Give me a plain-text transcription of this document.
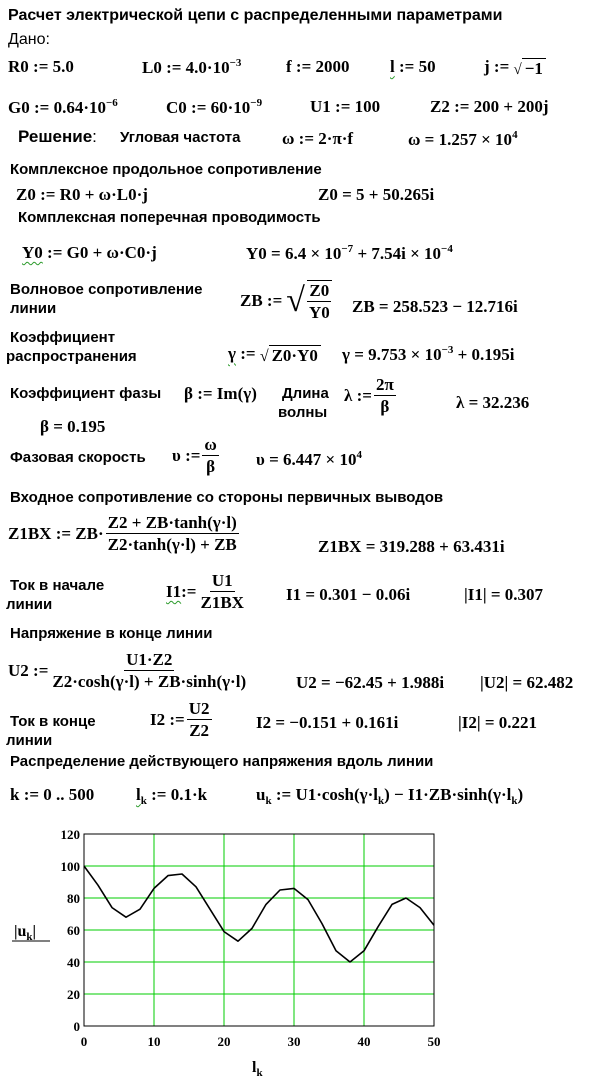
Расчет электрической цепи с распределенными параметрами
Дано:
R0 := 5.0	L0 := $4.0\cdot 10^{-3}$	f := 2000 l := 50	j := √ −1
G0 := $0.64\cdot 10^{-6}$	C0 := $60\cdot 10^{-9}$	U1 := 100	Z2 := 200 + 200j
Решение: Угловая частота ω := 2·π·f	$\omega = 1.257 \times 10^4$
Комплексное продольное сопротивление
Z0 := R0 + ω·L0·j	Z0 = 5 + 50.265i
Комплексная поперечная проводимость
Y0 := G0 + ω·C0·j	$Y0 = 6.4 \times 10^{-7} + 7.54i \times 10^{-4}$
Волновое сопротивление
линии	ZB := √ Z0
Y0 ZB = 258.523 − 12.716i
Коэффициент
распространения	γ := √ Z0·Y0 $\gamma = 9.753 \times 10^{-3} + 0.195i$
Коэффициент фазы β := Im(γ) Длина
волны
λ := $\frac{2\pi}{\beta}$	λ = 32.236
β = 0.195
Фазовая скорость υ := $\frac{\omega}{\beta}$ $\upsilon = 6.447 \times 10^4$
Входное сопротивление со стороны первичных выводов
Z1BX := ZB·
Z2 + ZB·tanh(γ·l)
Z2·tanh(γ·l) + ZB	Z1BX = 319.288 + 63.431i
Ток в начале
линии
I1 := $\frac{U1}{Z1BX} I1 = 0.301 - 0.06i$	|I1| = 0.307
Напряжение в конце линии
U2 := $\frac{U1\cdot Z2}{Z2\cdot\cosh(\gamma\cdot l) + ZB\cdot\sinh(\gamma\cdot l)}$	U2 = −62.45 + 1.988i |U2| = 62.482
Ток в конце
линии
I2 := $\frac{U2}{Z2}$	I2 = −0.151 + 0.161i	|I2| = 0.221
Распределение действующего напряжения вдоль линии
k := 0 .. 500 $l_k$ := 0.1·k	$u_k$ := $U1\cdot\cosh(\gamma\cdot l_k) - I1\cdot ZB\cdot\sinh(\gamma\cdot l_k)$
0
20
40
60
80
100
120
0	10	20	30	40	50
$|u_k|$
$l_k$
